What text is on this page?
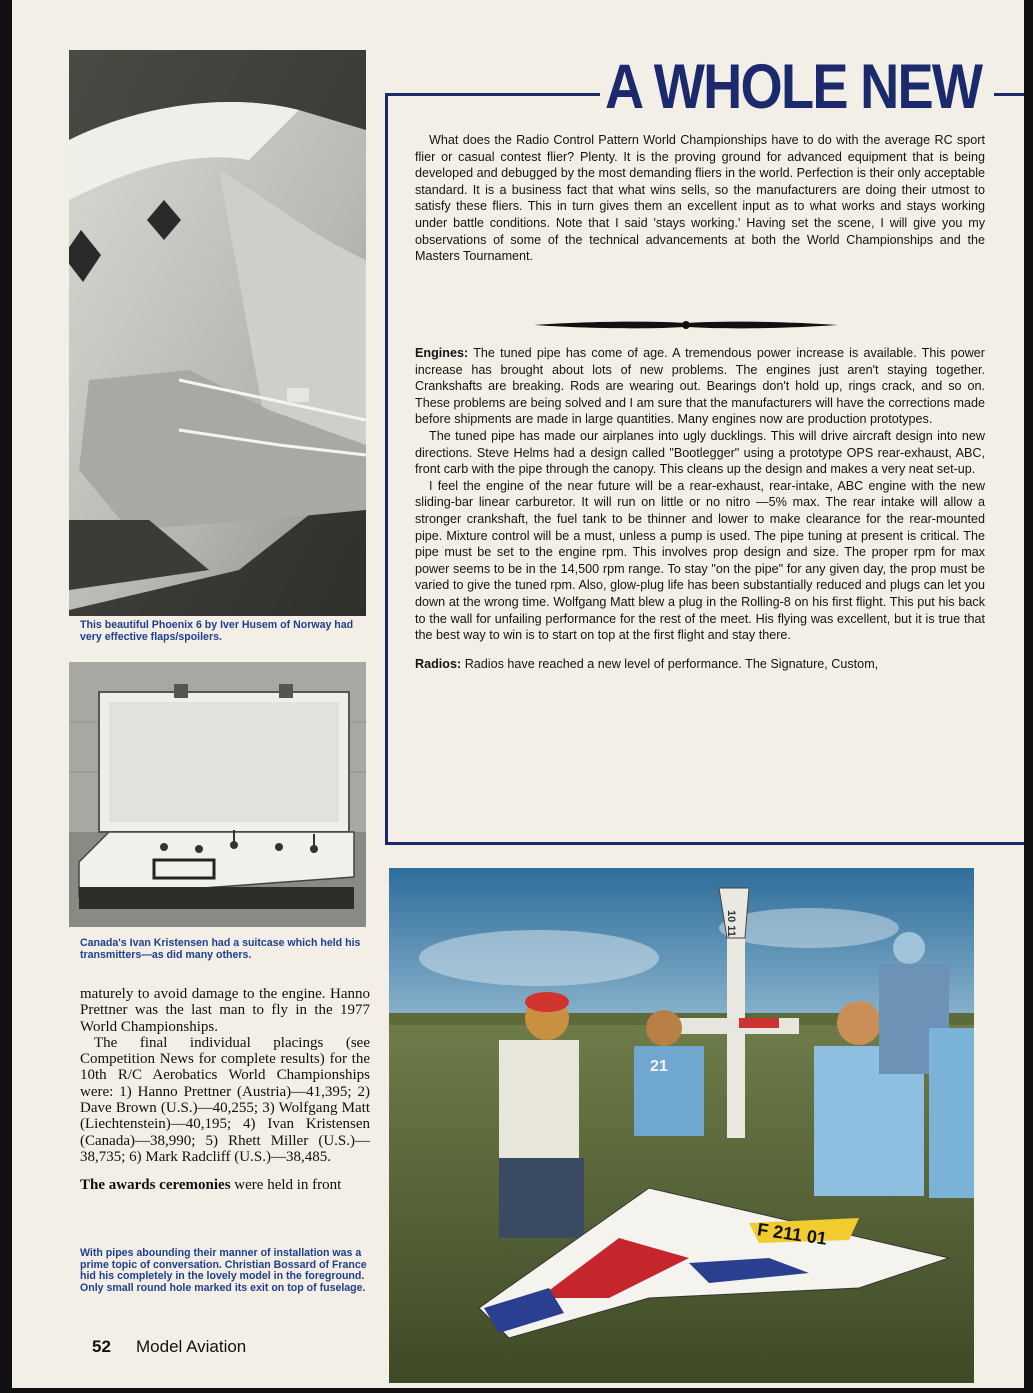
This beautiful Phoenix 6 by Iver Husem of Norway had very effective flaps/spoilers.
Canada's Ivan Kristensen had a suitcase which held his transmitters—as did many others.

maturely to avoid damage to the engine. Hanno Prettner was the last man to fly in the 1977 World Championships.

The final individual placings (see Competition News for complete results) for the 10th R/C Aerobatics World Championships were: 1) Hanno Prettner (Austria)—41,395; 2) Dave Brown (U.S.)—40,255; 3) Wolfgang Matt (Liechtenstein)—40,195; 4) Ivan Kristensen (Canada)—38,990; 5) Rhett Miller (U.S.)—38,735; 6) Mark Radcliff (U.S.)—38,485.

The awards ceremonies were held in front

With pipes abounding their manner of installation was a prime topic of conversation. Christian Bossard of France hid his completely in the lovely model in the foreground. Only small round hole marked its exit on top of fuselage.
A WHOLE NEW

What does the Radio Control Pattern World Championships have to do with the average RC sport flier or casual contest flier? Plenty. It is the proving ground for advanced equipment that is being developed and debugged by the most demanding fliers in the world. Perfection is their only acceptable standard. It is a business fact that what wins sells, so the manufacturers are doing their utmost to satisfy these fliers. This in turn gives them an excellent input as to what works and stays working under battle conditions. Note that I said 'stays working.' Having set the scene, I will give you my observations of some of the technical advancements at both the World Championships and the Masters Tournament.

Engines: The tuned pipe has come of age. A tremendous power increase is available. This power increase has brought about lots of new problems. The engines just aren't staying together. Crankshafts are breaking. Rods are wearing out. Bearings don't hold up, rings crack, and so on. These problems are being solved and I am sure that the manufacturers will have the corrections made before shipments are made in large quantities. Many engines now are production prototypes.

The tuned pipe has made our airplanes into ugly ducklings. This will drive aircraft design into new directions. Steve Helms had a design called "Bootlegger" using a prototype OPS rear-exhaust, ABC, front carb with the pipe through the canopy. This cleans up the design and makes a very neat set-up.

I feel the engine of the near future will be a rear-exhaust, rear-intake, ABC engine with the new sliding-bar linear carburetor. It will run on little or no nitro —5% max. The rear intake will allow a stronger crankshaft, the fuel tank to be thinner and lower to make clearance for the rear-mounted pipe. Mixture control will be a must, unless a pump is used. The pipe tuning at present is critical. The pipe must be set to the engine rpm. This involves prop design and size. The proper rpm for max power seems to be in the 14,500 rpm range. To stay "on the pipe" for any given day, the prop must be varied to give the tuned rpm. Also, glow-plug life has been substantially reduced and plugs can let you down at the wrong time. Wolfgang Matt blew a plug in the Rolling-8 on his first flight. This put his back to the wall for unfailing performance for the rest of the meet. His flying was excellent, but it is true that the best way to win is to start on top at the first flight and stay there.

Radios: Radios have reached a new level of performance. The Signature, Custom,

10 11
21
F 211 01
52 Model Aviation
